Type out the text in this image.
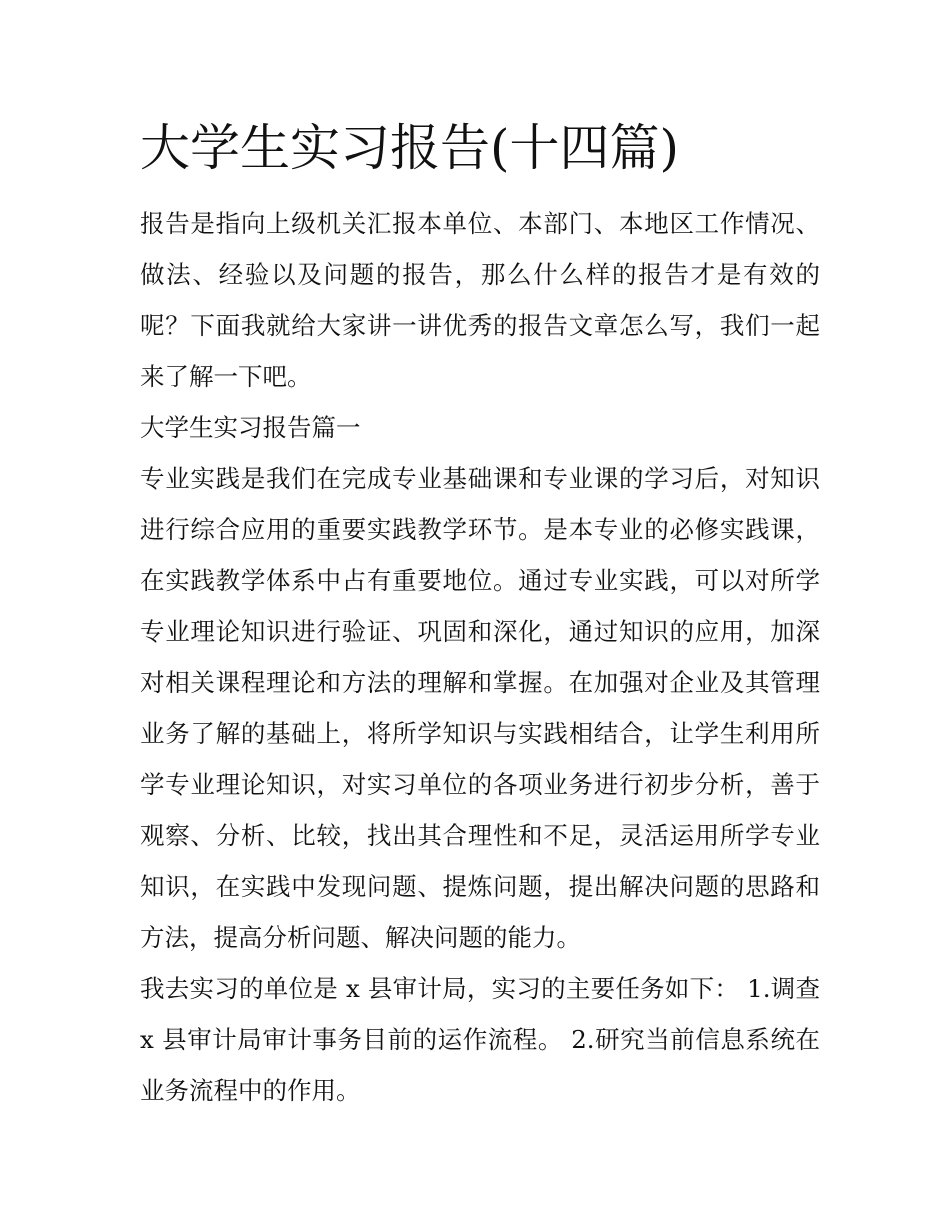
大学生实习报告(十四篇)

报告是指向上级机关汇报本单位、本部门、本地区工作情况、做法、经验以及问题的报告，那么什么样的报告才是有效的呢？下面我就给大家讲一讲优秀的报告文章怎么写，我们一起来了解一下吧。

大学生实习报告篇一

专业实践是我们在完成专业基础课和专业课的学习后，对知识进行综合应用的重要实践教学环节。是本专业的必修实践课，在实践教学体系中占有重要地位。通过专业实践，可以对所学专业理论知识进行验证、巩固和深化，通过知识的应用，加深对相关课程理论和方法的理解和掌握。在加强对企业及其管理业务了解的基础上，将所学知识与实践相结合，让学生利用所学专业理论知识，对实习单位的各项业务进行初步分析，善于观察、分析、比较，找出其合理性和不足，灵活运用所学专业知识，在实践中发现问题、提炼问题，提出解决问题的思路和方法，提高分析问题、解决问题的能力。

我去实习的单位是 x 县审计局，实习的主要任务如下： 1.调查 x 县审计局审计事务目前的运作流程。 2.研究当前信息系统在业务流程中的作用。
